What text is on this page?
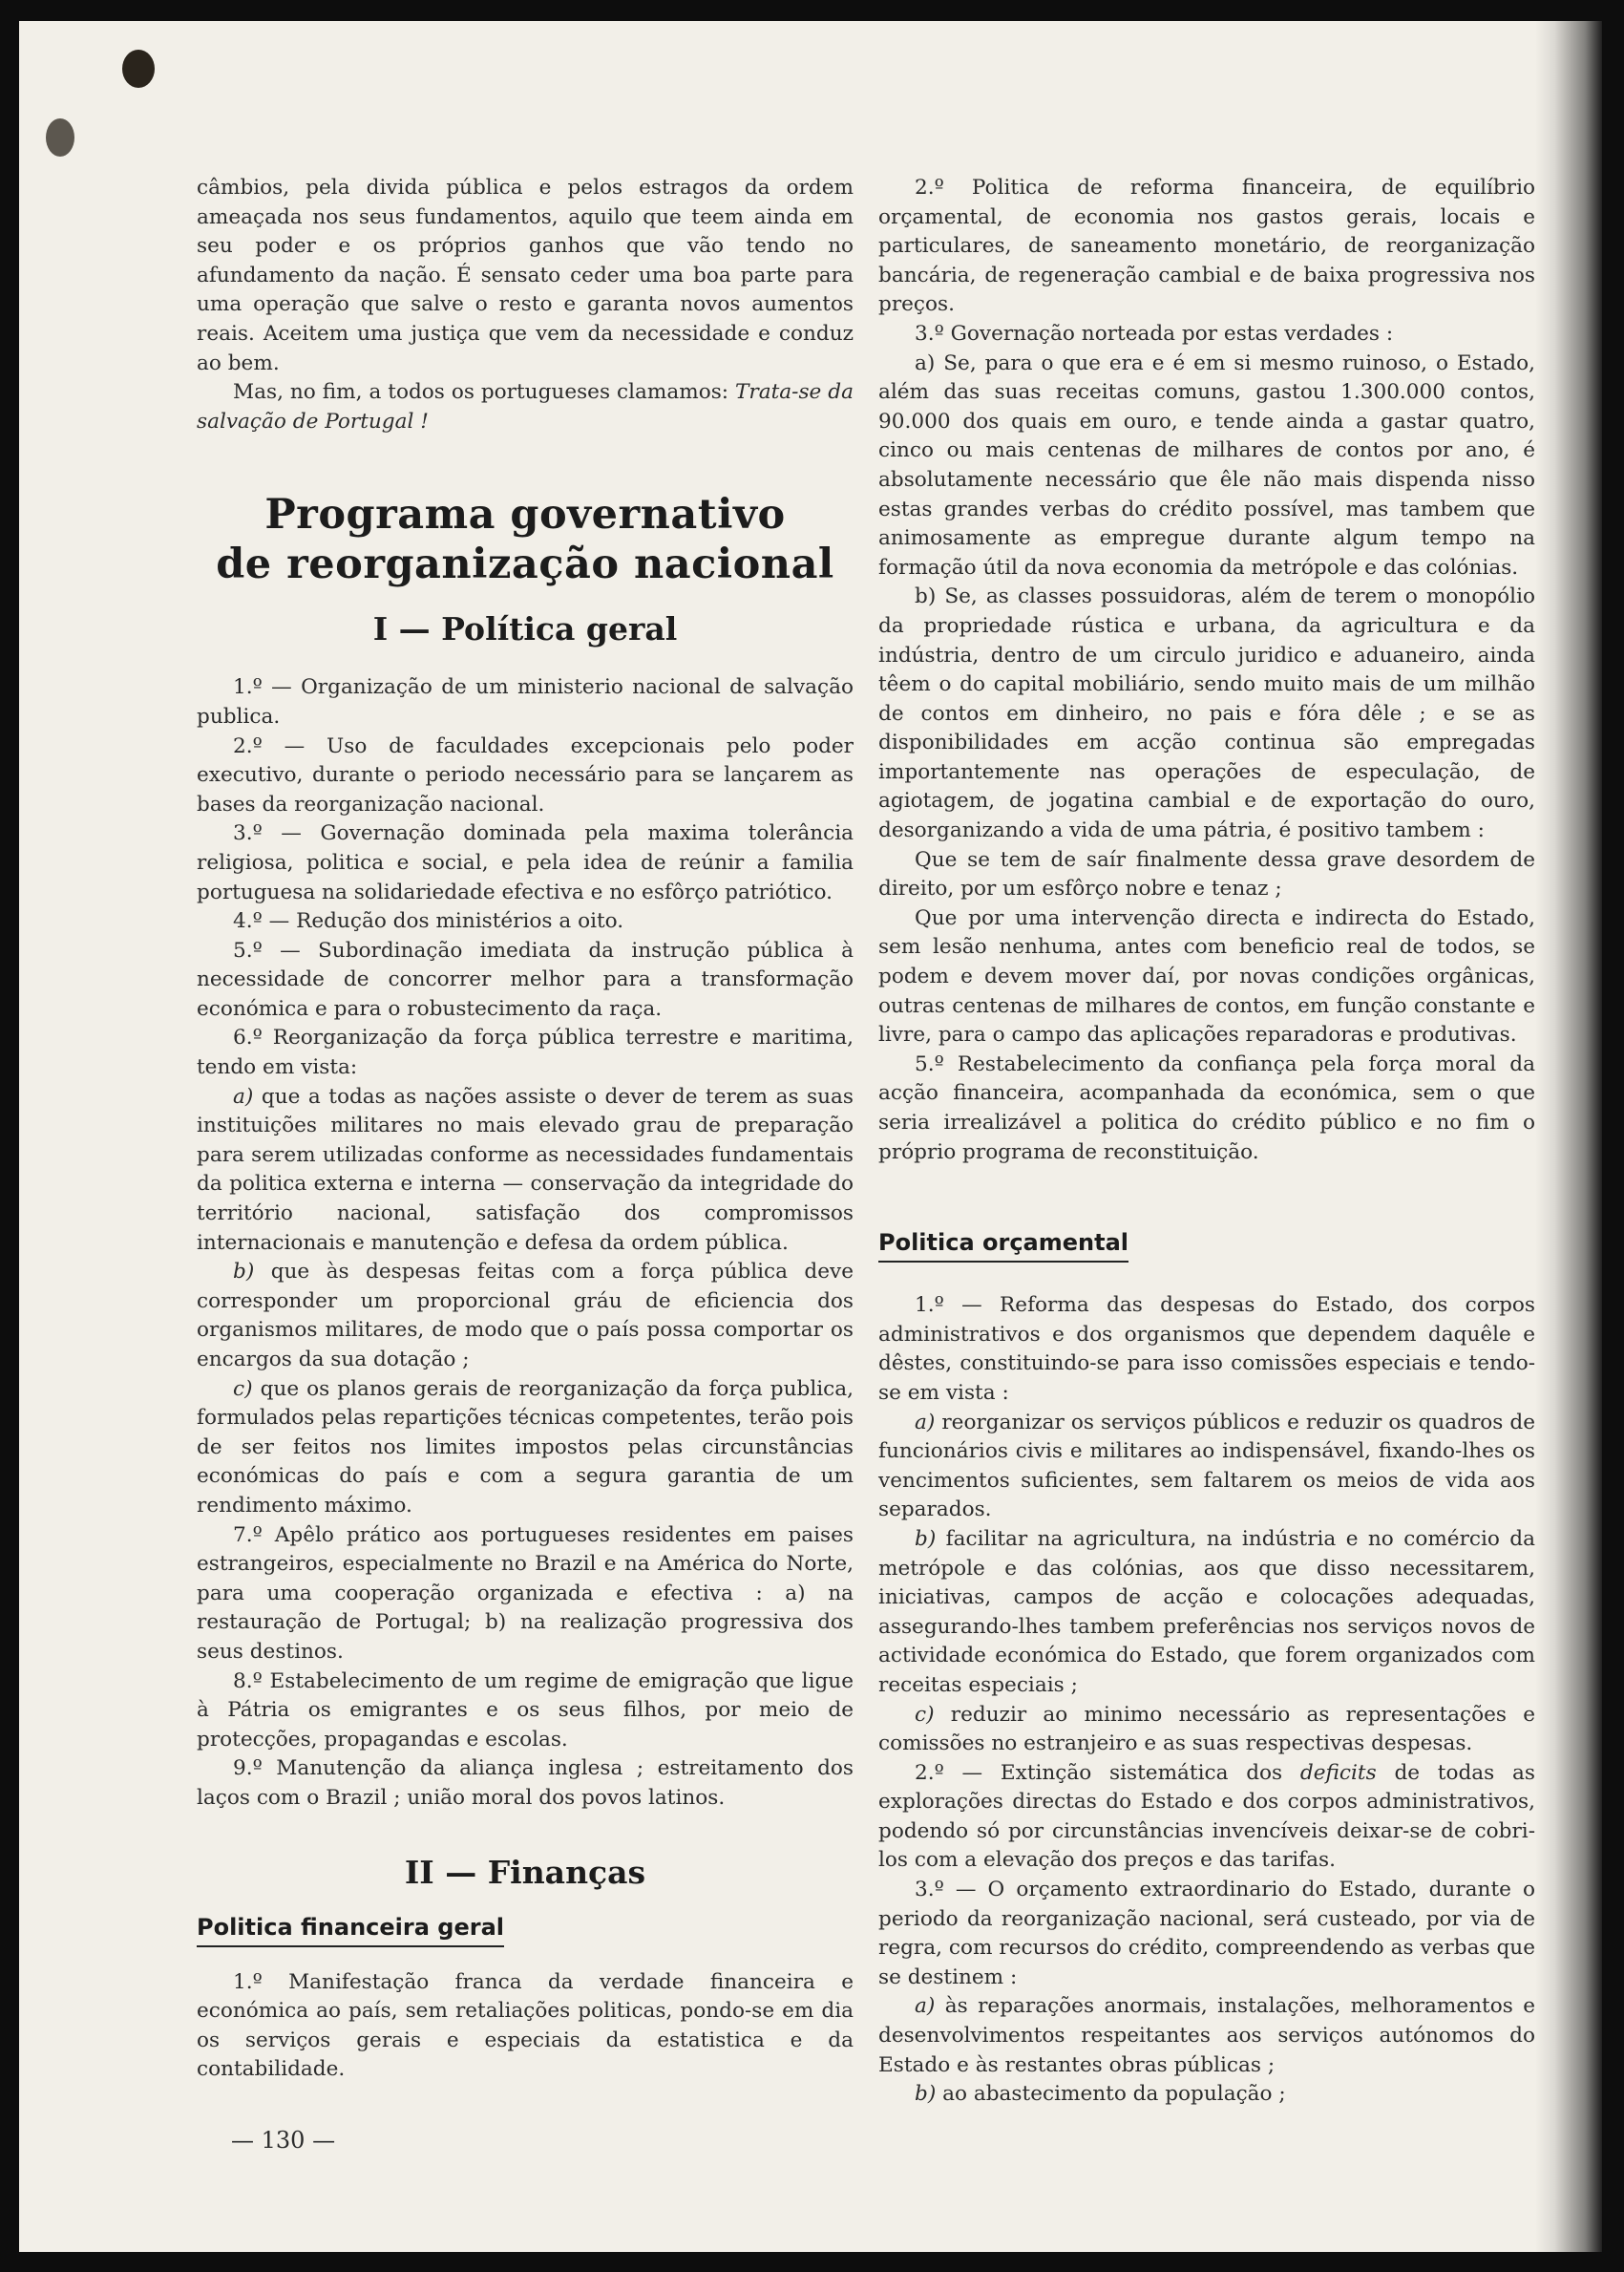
câmbios, pela divida pública e pelos estragos da ordem ameaçada nos seus fundamentos, aquilo que teem ainda em seu poder e os próprios ganhos que vão tendo no afundamento da nação. É sensato ceder uma boa parte para uma operação que salve o resto e garanta novos aumentos reais. Aceitem uma justiça que vem da necessidade e conduz ao bem.

Mas, no fim, a todos os portugueses clamamos: Trata-se da salvação de Portugal !

Programa governativo
de reorganização nacional
I — Política geral

1.º — Organização de um ministerio nacional de salvação publica.

2.º — Uso de faculdades excepcionais pelo poder executivo, durante o periodo necessário para se lançarem as bases da reorganização nacional.

3.º — Governação dominada pela maxima tolerância religiosa, politica e social, e pela idea de reúnir a familia portuguesa na solidariedade efectiva e no esfôrço patriótico.

4.º — Redução dos ministérios a oito.

5.º — Subordinação imediata da instrução pública à necessidade de concorrer melhor para a transformação económica e para o robustecimento da raça.

6.º Reorganização da força pública terrestre e maritima, tendo em vista:

a) que a todas as nações assiste o dever de terem as suas instituições militares no mais elevado grau de preparação para serem utilizadas conforme as necessidades fundamentais da politica externa e interna — conservação da integridade do território nacional, satisfação dos compromissos internacionais e manutenção e defesa da ordem pública.

b) que às despesas feitas com a força pública deve corresponder um proporcional gráu de eficiencia dos organismos militares, de modo que o país possa comportar os encargos da sua dotação ;

c) que os planos gerais de reorganização da força publica, formulados pelas repartições técnicas competentes, terão pois de ser feitos nos limites impostos pelas circunstâncias económicas do país e com a segura garantia de um rendimento máximo.

7.º Apêlo prático aos portugueses residentes em paises estrangeiros, especialmente no Brazil e na América do Norte, para uma cooperação organizada e efectiva : a) na restauração de Portugal; b) na realização progressiva dos seus destinos.

8.º Estabelecimento de um regime de emigração que ligue à Pátria os emigrantes e os seus filhos, por meio de protecções, propagandas e escolas.

9.º Manutenção da aliança inglesa ; estreitamento dos laços com o Brazil ; união moral dos povos latinos.

II — Finanças
Politica financeira geral

1.º Manifestação franca da verdade financeira e económica ao país, sem retaliações politicas, pondo-se em dia os serviços gerais e especiais da estatistica e da contabilidade.

— 130 —

2.º Politica de reforma financeira, de equilíbrio orçamental, de economia nos gastos gerais, locais e particulares, de saneamento monetário, de reorganização bancária, de regeneração cambial e de baixa progressiva nos preços.

3.º Governação norteada por estas verdades :

a) Se, para o que era e é em si mesmo ruinoso, o Estado, além das suas receitas comuns, gastou 1.300.000 contos, 90.000 dos quais em ouro, e tende ainda a gastar quatro, cinco ou mais centenas de milhares de contos por ano, é absolutamente necessário que êle não mais dispenda nisso estas grandes verbas do crédito possível, mas tambem que animosamente as empregue durante algum tempo na formação útil da nova economia da metrópole e das colónias.

b) Se, as classes possuidoras, além de terem o monopólio da propriedade rústica e urbana, da agricultura e da indústria, dentro de um circulo juridico e aduaneiro, ainda têem o do capital mobiliário, sendo muito mais de um milhão de contos em dinheiro, no pais e fóra dêle ; e se as disponibilidades em acção continua são empregadas importantemente nas operações de especulação, de agiotagem, de jogatina cambial e de exportação do ouro, desorganizando a vida de uma pátria, é positivo tambem :

Que se tem de saír finalmente dessa grave desordem de direito, por um esfôrço nobre e tenaz ;

Que por uma intervenção directa e indirecta do Estado, sem lesão nenhuma, antes com beneficio real de todos, se podem e devem mover daí, por novas condições orgânicas, outras centenas de milhares de contos, em função constante e livre, para o campo das aplicações reparadoras e produtivas.

5.º Restabelecimento da confiança pela força moral da acção financeira, acompanhada da económica, sem o que seria irrealizável a politica do crédito público e no fim o próprio programa de reconstituição.

Politica orçamental

1.º — Reforma das despesas do Estado, dos corpos administrativos e dos organismos que dependem daquêle e dêstes, constituindo-se para isso comissões especiais e tendo-se em vista :

a) reorganizar os serviços públicos e reduzir os quadros de funcionários civis e militares ao indispensável, fixando-lhes os vencimentos suficientes, sem faltarem os meios de vida aos separados.

b) facilitar na agricultura, na indústria e no comércio da metrópole e das colónias, aos que disso necessitarem, iniciativas, campos de acção e colocações adequadas, assegurando-lhes tambem preferências nos serviços novos de actividade económica do Estado, que forem organizados com receitas especiais ;

c) reduzir ao minimo necessário as representações e comissões no estranjeiro e as suas respectivas despesas.

2.º — Extinção sistemática dos deficits de todas as explorações directas do Estado e dos corpos administrativos, podendo só por circunstâncias invencíveis deixar-se de cobri-los com a elevação dos preços e das tarifas.

3.º — O orçamento extraordinario do Estado, durante o periodo da reorganização nacional, será custeado, por via de regra, com recursos do crédito, compreendendo as verbas que se destinem :

a) às reparações anormais, instalações, melhoramentos e desenvolvimentos respeitantes aos serviços autónomos do Estado e às restantes obras públicas ;

b) ao abastecimento da população ;
